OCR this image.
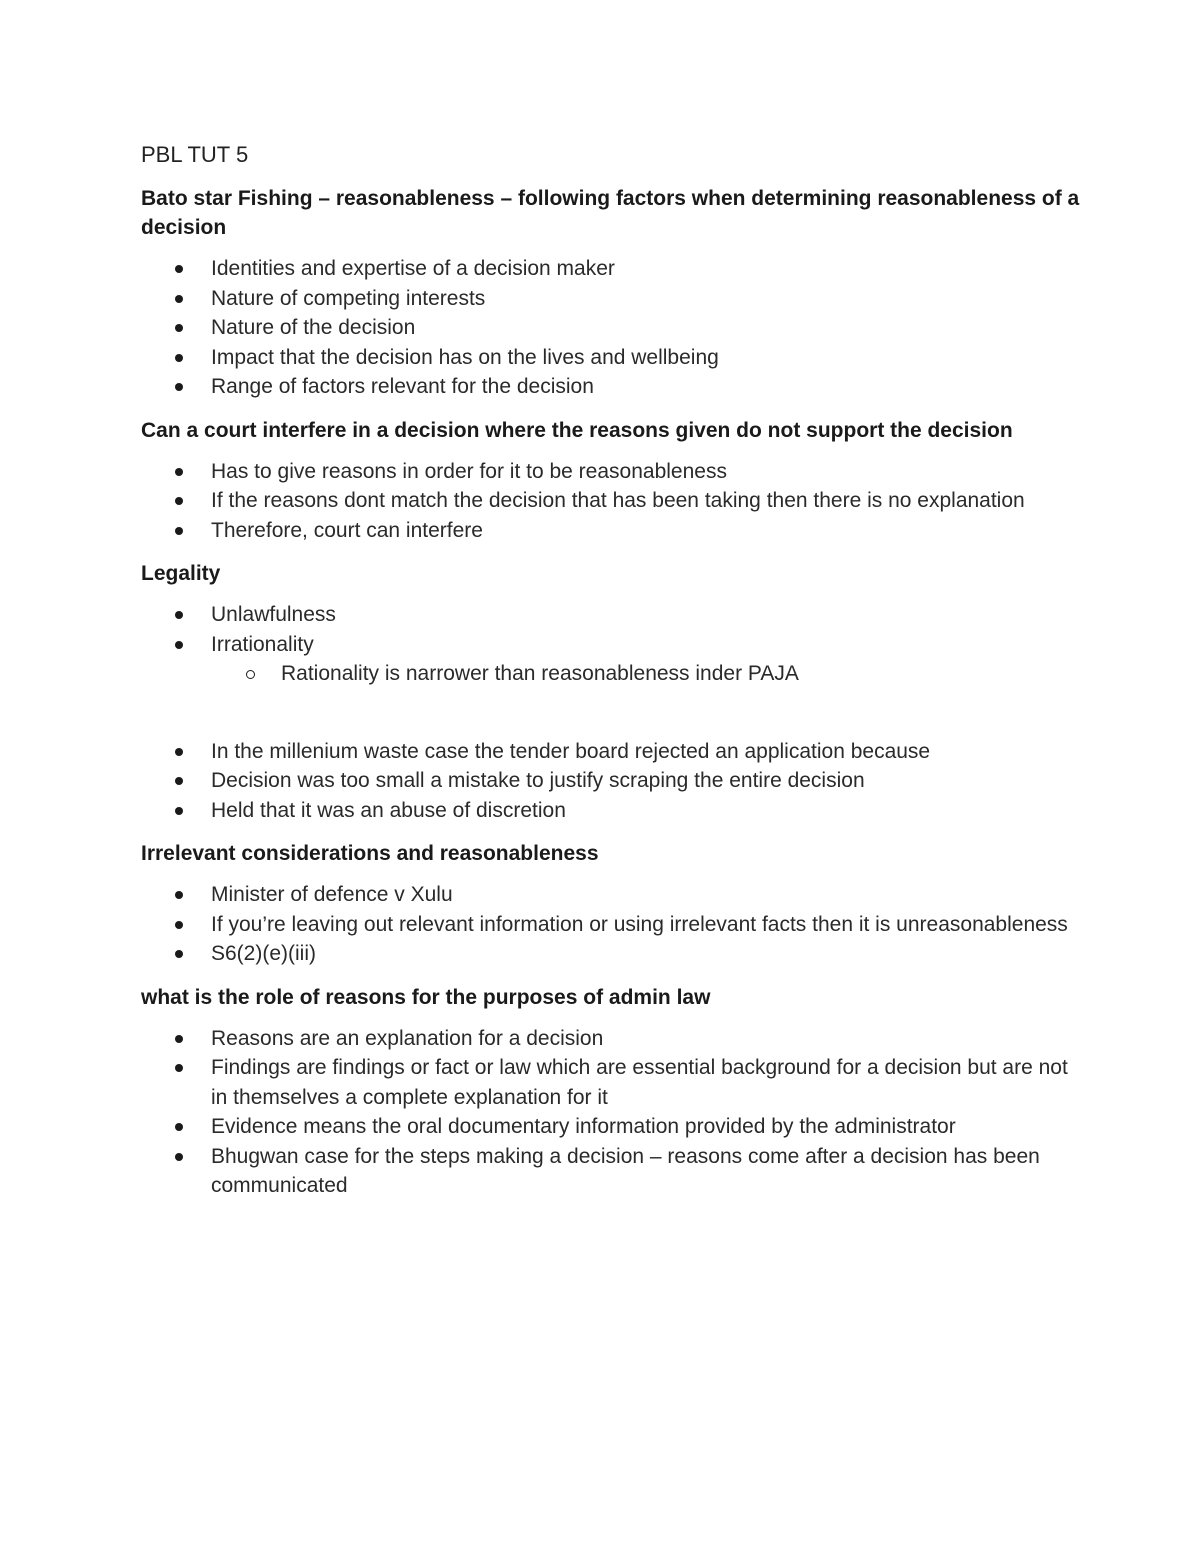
PBL TUT 5
Bato star Fishing – reasonableness – following factors when determining reasonableness of a decision
Identities and expertise of a decision maker
Nature of competing interests
Nature of the decision
Impact that the decision has on the lives and wellbeing
Range of factors relevant for the decision
Can a court interfere in a decision where the reasons given do not support the decision
Has to give reasons in order for it to be reasonableness
If the reasons dont match the decision that has been taking then there is no explanation
Therefore, court can interfere
Legality
Unlawfulness
Irrationality
Rationality is narrower than reasonableness inder PAJA
In the millenium waste case the tender board rejected an application because
Decision was too small a mistake to justify scraping the entire decision
Held that it was an abuse of discretion
Irrelevant considerations and reasonableness
Minister of defence v Xulu
If you’re leaving out relevant information or using irrelevant facts then it is unreasonableness
S6(2)(e)(iii)
what is the role of reasons for the purposes of admin law
Reasons are an explanation for a decision
Findings are findings or fact or law which are essential background for a decision but are not in themselves a complete explanation for it
Evidence means the oral documentary information provided by the administrator
Bhugwan case for the steps making a decision – reasons come after a decision has been communicated
